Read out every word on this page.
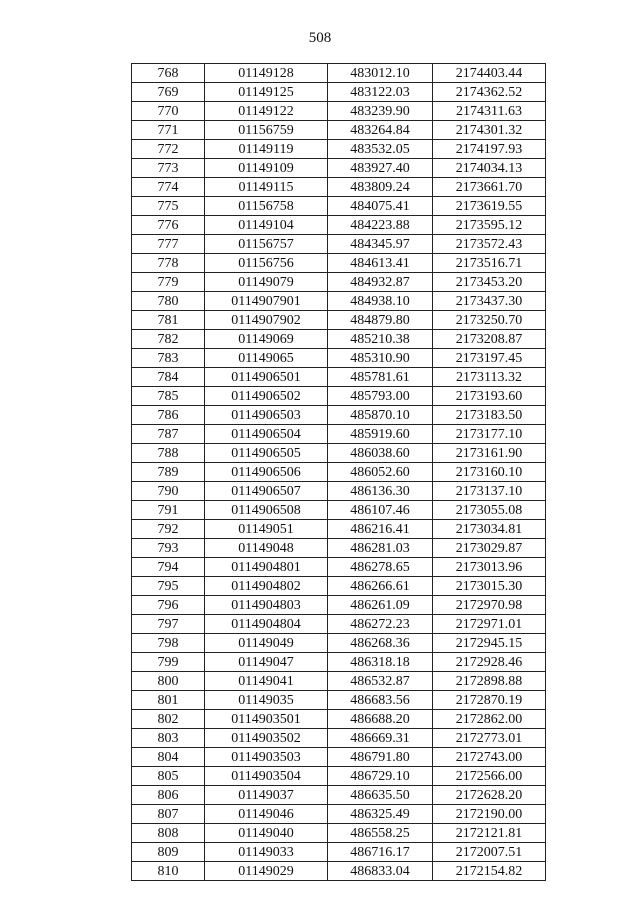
508
768	01149128	483012.10	2174403.44
769	01149125	483122.03	2174362.52
770	01149122	483239.90	2174311.63
771	01156759	483264.84	2174301.32
772	01149119	483532.05	2174197.93
773	01149109	483927.40	2174034.13
774	01149115	483809.24	2173661.70
775	01156758	484075.41	2173619.55
776	01149104	484223.88	2173595.12
777	01156757	484345.97	2173572.43
778	01156756	484613.41	2173516.71
779	01149079	484932.87	2173453.20
780	0114907901	484938.10	2173437.30
781	0114907902	484879.80	2173250.70
782	01149069	485210.38	2173208.87
783	01149065	485310.90	2173197.45
784	0114906501	485781.61	2173113.32
785	0114906502	485793.00	2173193.60
786	0114906503	485870.10	2173183.50
787	0114906504	485919.60	2173177.10
788	0114906505	486038.60	2173161.90
789	0114906506	486052.60	2173160.10
790	0114906507	486136.30	2173137.10
791	0114906508	486107.46	2173055.08
792	01149051	486216.41	2173034.81
793	01149048	486281.03	2173029.87
794	0114904801	486278.65	2173013.96
795	0114904802	486266.61	2173015.30
796	0114904803	486261.09	2172970.98
797	0114904804	486272.23	2172971.01
798	01149049	486268.36	2172945.15
799	01149047	486318.18	2172928.46
800	01149041	486532.87	2172898.88
801	01149035	486683.56	2172870.19
802	0114903501	486688.20	2172862.00
803	0114903502	486669.31	2172773.01
804	0114903503	486791.80	2172743.00
805	0114903504	486729.10	2172566.00
806	01149037	486635.50	2172628.20
807	01149046	486325.49	2172190.00
808	01149040	486558.25	2172121.81
809	01149033	486716.17	2172007.51
810	01149029	486833.04	2172154.82
